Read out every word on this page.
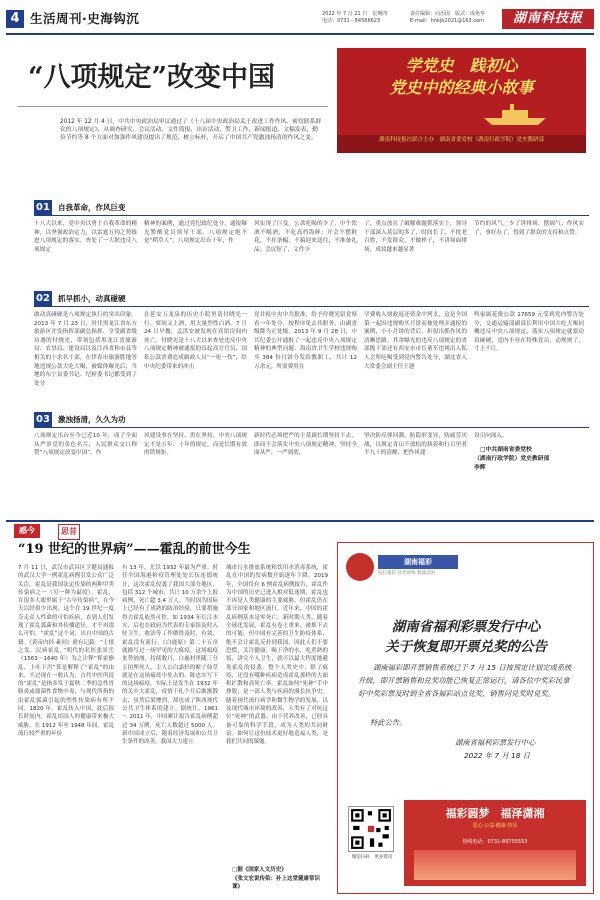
4 生活周刊·史海钩沉	2022 年 7 月 21 日　星期四
电话：0731－84566623
责任编辑：向治国　版式：成艳华
E-mail：hnkjb2021@163.com	湖南科技报
“八项规定”改变中国	学党史　践初心
党史中的经典小故事
湖南科技报社联合主办　湖南省委党校（湖南行政学院）党史教研部
2012 年 12 月 4 日，中共中央政治局审议通过了《十八届中央政治局关于改进工作作风、密切联系群众的八项规定》，从调查研究、会议活动、文件简报、出访活动、警卫工作、新闻报道、文稿发表、勤俭节约等 8 个方面对加强作风建设提出了规范，树立标杆，开启了中国共产党激浊扬清的作风之变。
01 自我革命，作风巨变
十八大以来，党中央以勇于自我革命的精神，以坚强政治定力，以雷霆万钧之势推进八项规定的落实，查处了一大批违反八项规定
精神的案例，通过党纪政纪处分，通报曝光警醒党员领导干部。八项规定绝不是“稻草人”。八项规定出台十年，作
风实现了巨变。公款吃喝的少了，中午饮酒不喝酒，不吃高档海鲜；开会不摆鲜花，不挂条幅，不搞迎来送往，不准备礼品；会议短了，文件少
了，重点放在了破解难题抓落实上。领导干部深入基层的多了，时间长了，不扰老百姓，不发群众，不做样子，不讲场面排场，成效越来越显著
节约的风气，少了讲排场、摆阔气；作风实了，事好办了，得到了群众的支持和点赞。
02 抓早抓小，动真碰硬
敢动真碰硬是八项规定执行的突出印象。2013 年 7 月 23 日，时任黑龙江省东方旅游区开发指挥部副总指挥、享受副省级待遇的付晓光，带领包括黑龙江省旅游局、农垦局、建设局以及江西省和市县等相关的十余名干部，在伊春市旅游胜地等地违规公款大吃大喝，被媒体曝光后，当地的东宁县委书记、纪检委书记都受到了处分
在延安五龙泉的历史小院里请付晓光一行。席间又上酒，用大量烈性白酒。7 月 24 日早餐，孟洪安被发现在宾馆房间内死亡。付晓光是十八大以来查处违反中央八项规定精神被通报的首起高官官员，国私公款消费造成路政人员“一死一伤”，给中央纪委带来的冲击
党并报中央中共批准，给予付晓光留党察看一年处分，按程序免去其职务，由副省级降为正处级。2013 年 9 月 28 日，中共纪委公开通报了一起违反中央八项规定精神的典型问题：海南省卫生学校违规购买 384 份月饼分发给教职工，共计 12 万余元。所需费用在
学费收入财政返还资金中列支，这是全国第一起因违规购买月饼而被处理并通报的案例，小小月饼的背后，折射出抓作风的清晰思路。其余曝光的违反八项规定的省部级干部还有西安市市长董军违规出入私人会所吃喝受到党内警告处分，湖北省人大常委会副主任王建
鸣家属花费公款 17659 元受到党内警告处分，交通运输部副部长利用中国大吃大喝同概违反中央八项规定，落实八项规定就要动真碰硬，党内不存在特殊党员，动规则了，寸土不让。
03 激浊扬清，久久为功
八项规定出台至今已近10 年，成了全面从严治党的金色名片，人民群众交口称赞“八项规定改变中国”。作
风建设事在坚持、贵在坚持，中央八项规定不是五年、十年的规定，而是长期有效的铁规矩。
新时代必须把严的主基调长期坚持下去，即而不会落实中央八项规定精神，坚持全面从严、一严到底，
坚决防反弹回潮、防隐形变异，防疲劳厌战，以规定青山不放松的执着和行百里者半九十的清醒，把作风建
设引向深入。
□中共湖南省委党校
（湖南行政学院）党史教研部
李辉
感今	思昔
“19 世纪的世界病”——霍乱的前世今生
7 月 11 日，武汉市武昌区卫健局通报的武汉大学一例霍乱病例引发公众广泛关注。霍乱是我国法定传染的两种甲类传染病之一（另一种为鼠疫）。霍乱，在很多人眼里属于“古早传染病”，在今天以经很少出现。这个在 19 世纪一度夺走众人性命的可怕疾病，直到人们发现了霍乱弧菌和其传播途径，才不再那么可怕。“霍乱”这个词，出自中国的古籍。《黄帝内经·素问》就有记载：“土郁之发，民病霍乱。”明代的名医张景岳（1563～1640 年）为之注释“挥霍撩乱，上吐下泻”算是解释了“霍乱”的由来。不过现在一般认为，古代中医所说的“霍乱”是指多发于夏秋二季的急性胃肠炎或细菌性食物中毒，与现代所指的由霍乱弧菌引起的烈性传染病有所不同。1820 年，霍乱传入中国，此后很长时间内，霍乱给国人的健康带来极大威胁。在 1912 年至 1948 年间，霍乱流行较严重的年份
有 13 年，尤以 1932 年最为严重。时任全国海港检疫管理处处长伍连德统计，这次霍乱侵袭了我国大部分地区，包括 312 个城市，共计 10 万余个上报病例，死亡超 3.4 万人。当时因为国际上已经有了成熟的防治经验，只要措施得力霍乱依然可控。如 1934 年长江水灾，后也在政府为代表的专家组及时入驻卫生，收治等工作做得及时，有效，霍乱没有流行。《白鹿原》第二十五章就描写过一场罕见的大瘟疫。这场瘟疫来势汹汹，持续数月，白鹿村里随三分五拍埋死人，主人公白嘉轩的姬子仙草就是在这场瘟疫中死去的。陈忠实写下的这场瘟疫，实际上是发生在 1932 年的关中大霍乱，疫情干扎个月后渐渐散去，虽然后果惨烈，却也成了陕西现代公共卫生体系的建立。据统计，1961 ～ 2011 年，中国累计报告霍乱病例超过 34 万例，死亡人数超过 5000 人。新中国成立后，随着经济发展和公共卫生条件的改善，我国大力建立
城市污水排放系统和饮用水消毒系统，霍乱在中国的发病数开始逐年下降。2019年，全国仅有 6 例霍乱病例报告，霍乱作为中国的历史已进入相对低迷期，霍乱也不再是人类健康的主要威胁，但霍乱仍在部分国家和地区流行。近年来，中国的霍乱病例基本是零死亡。新时期人类，随着全球化发展，霍乱有卷土重来、被推下去的可能，但中国有完善的卫生防疫体系，绝不会让霍乱反扑到我国。因此人们不要恐慌，关注健康，喝干净的水，吃煮熟的饭，讲究个人卫生，就可以最大程度地避免霍乱的侵袭。整个人类史中，除了瘟疫、还没有哪种疾病造成霍乱那样的大面积扩散和高死亡率。霍乱如何“死神”手中挣脱，是一部人类与疾病的漫长抗争史。随着现代流行病学和微生物学的发展，以及现代城市环境的改善，人类有了对抗这位“死神”的武器。由于营养改善，已经具备可靠的科学手段，成为人类的共同财富。如何让这份技术更好地造福人类，是我们共同的课题。
□据《国家人文历史》
《张文宏说传染：补上这堂健康常识课》
湖南福彩
发行福彩 扶老助残 救孤济困
湖南省福利彩票发行中心
关于恢复即开票兑奖的公告
湖南福彩即开票销售系统已于 7 月 15 日按预定计划完成系统升级，即开票销售和兑奖功能已恢复正常运行。请各位中奖彩民拿好中奖彩票及时到全省各福彩站点兑奖，销售同兑奖时兑奖。
特此公告。
湖南省福利彩票发行中心
2022 年 7 月 18 日
微信扫码　更多资讯
福彩圆梦　福泽潇湘
爱心·公益·健康·快乐
热线电话：0731-89755553
